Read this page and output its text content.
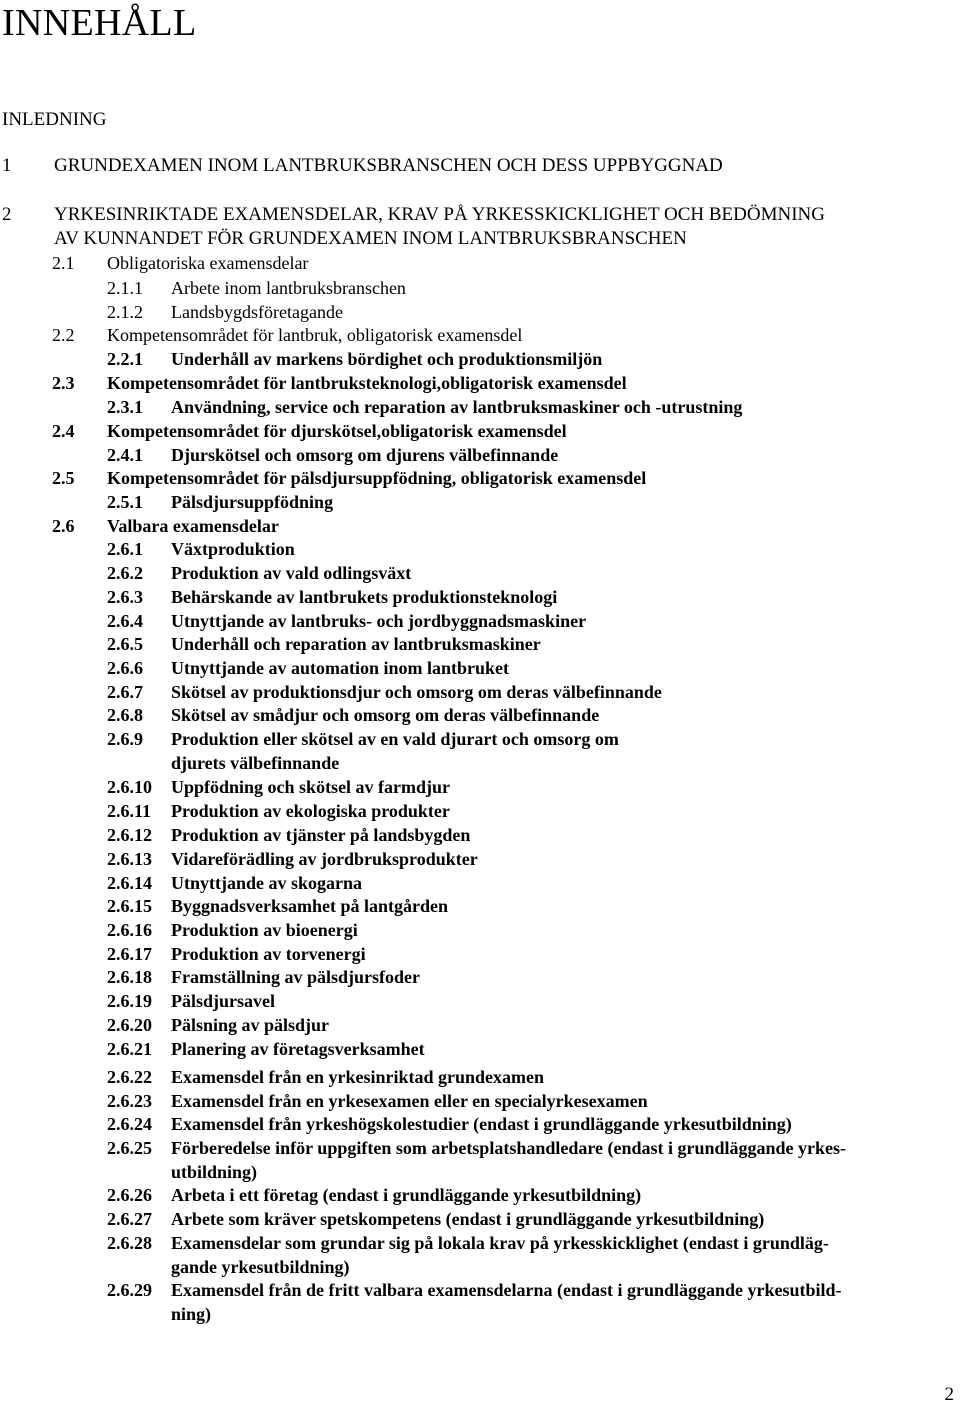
INNEHÅLL
INLEDNING
1 GRUNDEXAMEN INOM LANTBRUKSBRANSCHEN OCH DESS UPPBYGGNAD
2 YRKESINRIKTADE EXAMENSDELAR, KRAV PÅ YRKESSKICKLIGHET OCH BEDÖMNING
AV KUNNANDET FÖR GRUNDEXAMEN INOM LANTBRUKSBRANSCHEN
2.1 Obligatoriska examensdelar
2.1.1 Arbete inom lantbruksbranschen
2.1.2 Landsbygdsföretagande
2.2 Kompetensområdet för lantbruk, obligatorisk examensdel
2.2.1 Underhåll av markens bördighet och produktionsmiljön
2.3 Kompetensområdet för lantbruksteknologi,obligatorisk examensdel
2.3.1 Användning, service och reparation av lantbruksmaskiner och -utrustning
2.4 Kompetensområdet för djurskötsel,obligatorisk examensdel
2.4.1 Djurskötsel och omsorg om djurens välbefinnande
2.5 Kompetensområdet för pälsdjursuppfödning, obligatorisk examensdel
2.5.1 Pälsdjursuppfödning
2.6 Valbara examensdelar
2.6.1 Växtproduktion
2.6.2 Produktion av vald odlingsväxt
2.6.3 Behärskande av lantbrukets produktionsteknologi
2.6.4 Utnyttjande av lantbruks- och jordbyggnadsmaskiner
2.6.5 Underhåll och reparation av lantbruksmaskiner
2.6.6 Utnyttjande av automation inom lantbruket
2.6.7 Skötsel av produktionsdjur och omsorg om deras välbefinnande
2.6.8 Skötsel av smådjur och omsorg om deras välbefinnande
2.6.9 Produktion eller skötsel av en vald djurart och omsorg om
djurets välbefinnande
2.6.10 Uppfödning och skötsel av farmdjur
2.6.11 Produktion av ekologiska produkter
2.6.12 Produktion av tjänster på landsbygden
2.6.13 Vidareförädling av jordbruksprodukter
2.6.14 Utnyttjande av skogarna
2.6.15 Byggnadsverksamhet på lantgården
2.6.16 Produktion av bioenergi
2.6.17 Produktion av torvenergi
2.6.18 Framställning av pälsdjursfoder
2.6.19 Pälsdjursavel
2.6.20 Pälsning av pälsdjur
2.6.21 Planering av företagsverksamhet
2.6.22 Examensdel från en yrkesinriktad grundexamen
2.6.23 Examensdel från en yrkesexamen eller en specialyrkesexamen
2.6.24 Examensdel från yrkeshögskolestudier (endast i grundläggande yrkesutbildning)
2.6.25 Förberedelse inför uppgiften som arbetsplatshandledare (endast i grundläggande yrkes-
utbildning)
2.6.26 Arbeta i ett företag (endast i grundläggande yrkesutbildning)
2.6.27 Arbete som kräver spetskompetens (endast i grundläggande yrkesutbildning)
2.6.28 Examensdelar som grundar sig på lokala krav på yrkesskicklighet (endast i grundläg-
gande yrkesutbildning)
2.6.29 Examensdel från de fritt valbara examensdelarna (endast i grundläggande yrkesutbild-
ning)
2
